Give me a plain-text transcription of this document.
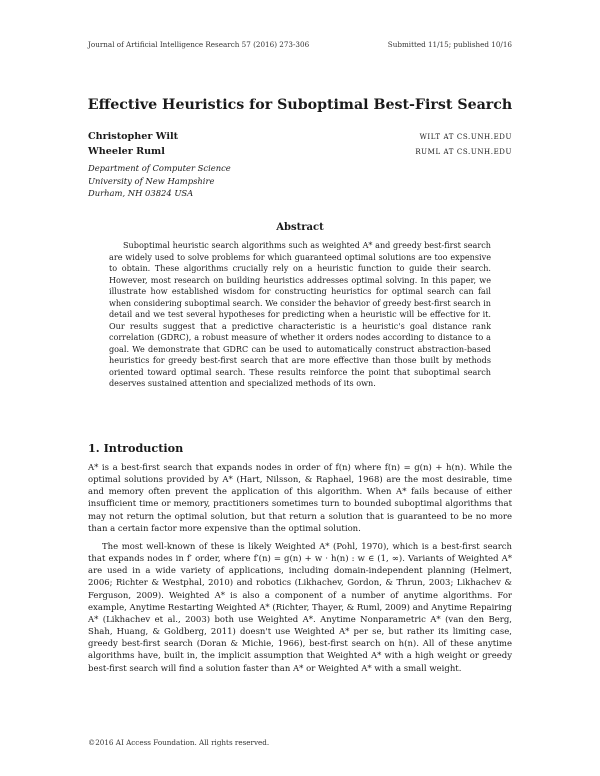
Journal of Artificial Intelligence Research 57 (2016) 273-306	Submitted 11/15; published 10/16
Effective Heuristics for Suboptimal Best-First Search
Christopher Wilt	WILT AT CS.UNH.EDU
Wheeler Ruml	RUML AT CS.UNH.EDU
Department of Computer Science
University of New Hampshire
Durham, NH 03824 USA
Abstract

Suboptimal heuristic search algorithms such as weighted A* and greedy best-first search are widely used to solve problems for which guaranteed optimal solutions are too expensive to obtain. These algorithms crucially rely on a heuristic function to guide their search. However, most research on building heuristics addresses optimal solving. In this paper, we illustrate how established wisdom for constructing heuristics for optimal search can fail when considering suboptimal search. We consider the behavior of greedy best-first search in detail and we test several hypotheses for predicting when a heuristic will be effective for it. Our results suggest that a predictive characteristic is a heuristic's goal distance rank correlation (GDRC), a robust measure of whether it orders nodes according to distance to a goal. We demonstrate that GDRC can be used to automatically construct abstraction-based heuristics for greedy best-first search that are more effective than those built by methods oriented toward optimal search. These results reinforce the point that suboptimal search deserves sustained attention and specialized methods of its own.

1. Introduction

A* is a best-first search that expands nodes in order of f(n) where f(n) = g(n) + h(n). While the optimal solutions provided by A* (Hart, Nilsson, & Raphael, 1968) are the most desirable, time and memory often prevent the application of this algorithm. When A* fails because of either insufficient time or memory, practitioners sometimes turn to bounded suboptimal algorithms that may not return the optimal solution, but that return a solution that is guaranteed to be no more than a certain factor more expensive than the optimal solution.

The most well-known of these is likely Weighted A* (Pohl, 1970), which is a best-first search that expands nodes in f′ order, where f′(n) = g(n) + w · h(n) : w ∈ (1, ∞). Variants of Weighted A* are used in a wide variety of applications, including domain-independent planning (Helmert, 2006; Richter & Westphal, 2010) and robotics (Likhachev, Gordon, & Thrun, 2003; Likhachev & Ferguson, 2009). Weighted A* is also a component of a number of anytime algorithms. For example, Anytime Restarting Weighted A* (Richter, Thayer, & Ruml, 2009) and Anytime Repairing A* (Likhachev et al., 2003) both use Weighted A*. Anytime Nonparametric A* (van den Berg, Shah, Huang, & Goldberg, 2011) doesn't use Weighted A* per se, but rather its limiting case, greedy best-first search (Doran & Michie, 1966), best-first search on h(n). All of these anytime algorithms have, built in, the implicit assumption that Weighted A* with a high weight or greedy best-first search will find a solution faster than A* or Weighted A* with a small weight.

©2016 AI Access Foundation. All rights reserved.
